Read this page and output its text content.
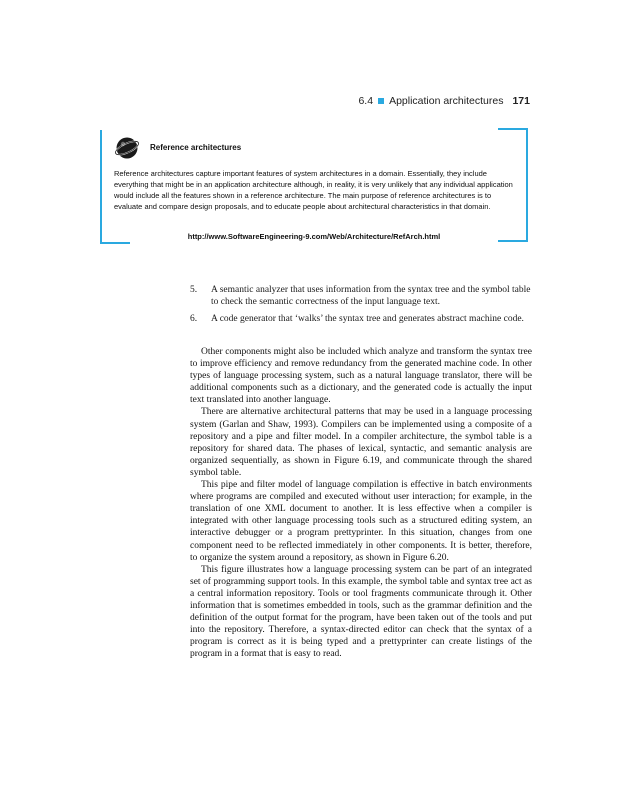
6.4 Application architectures 171
Reference architectures

Reference architectures capture important features of system architectures in a domain. Essentially, they include everything that might be in an application architecture although, in reality, it is very unlikely that any individual application would include all the features shown in a reference architecture. The main purpose of reference architectures is to evaluate and compare design proposals, and to educate people about architectural characteristics in that domain.

http://www.SoftwareEngineering-9.com/Web/Architecture/RefArch.html
5. A semantic analyzer that uses information from the syntax tree and the symbol table to check the semantic correctness of the input language text.
6. A code generator that ‘walks’ the syntax tree and generates abstract machine code.

Other components might also be included which analyze and transform the syntax tree to improve efficiency and remove redundancy from the generated machine code. In other types of language processing system, such as a natural language translator, there will be additional components such as a dictionary, and the generated code is actually the input text translated into another language.

There are alternative architectural patterns that may be used in a language processing system (Garlan and Shaw, 1993). Compilers can be implemented using a composite of a repository and a pipe and filter model. In a compiler architecture, the symbol table is a repository for shared data. The phases of lexical, syntactic, and semantic analysis are organized sequentially, as shown in Figure 6.19, and communicate through the shared symbol table.

This pipe and filter model of language compilation is effective in batch environments where programs are compiled and executed without user interaction; for example, in the translation of one XML document to another. It is less effective when a compiler is integrated with other language processing tools such as a structured editing system, an interactive debugger or a program prettyprinter. In this situation, changes from one component need to be reflected immediately in other components. It is better, therefore, to organize the system around a repository, as shown in Figure 6.20.

This figure illustrates how a language processing system can be part of an integrated set of programming support tools. In this example, the symbol table and syntax tree act as a central information repository. Tools or tool fragments communicate through it. Other information that is sometimes embedded in tools, such as the grammar definition and the definition of the output format for the program, have been taken out of the tools and put into the repository. Therefore, a syntax-directed editor can check that the syntax of a program is correct as it is being typed and a prettyprinter can create listings of the program in a format that is easy to read.
